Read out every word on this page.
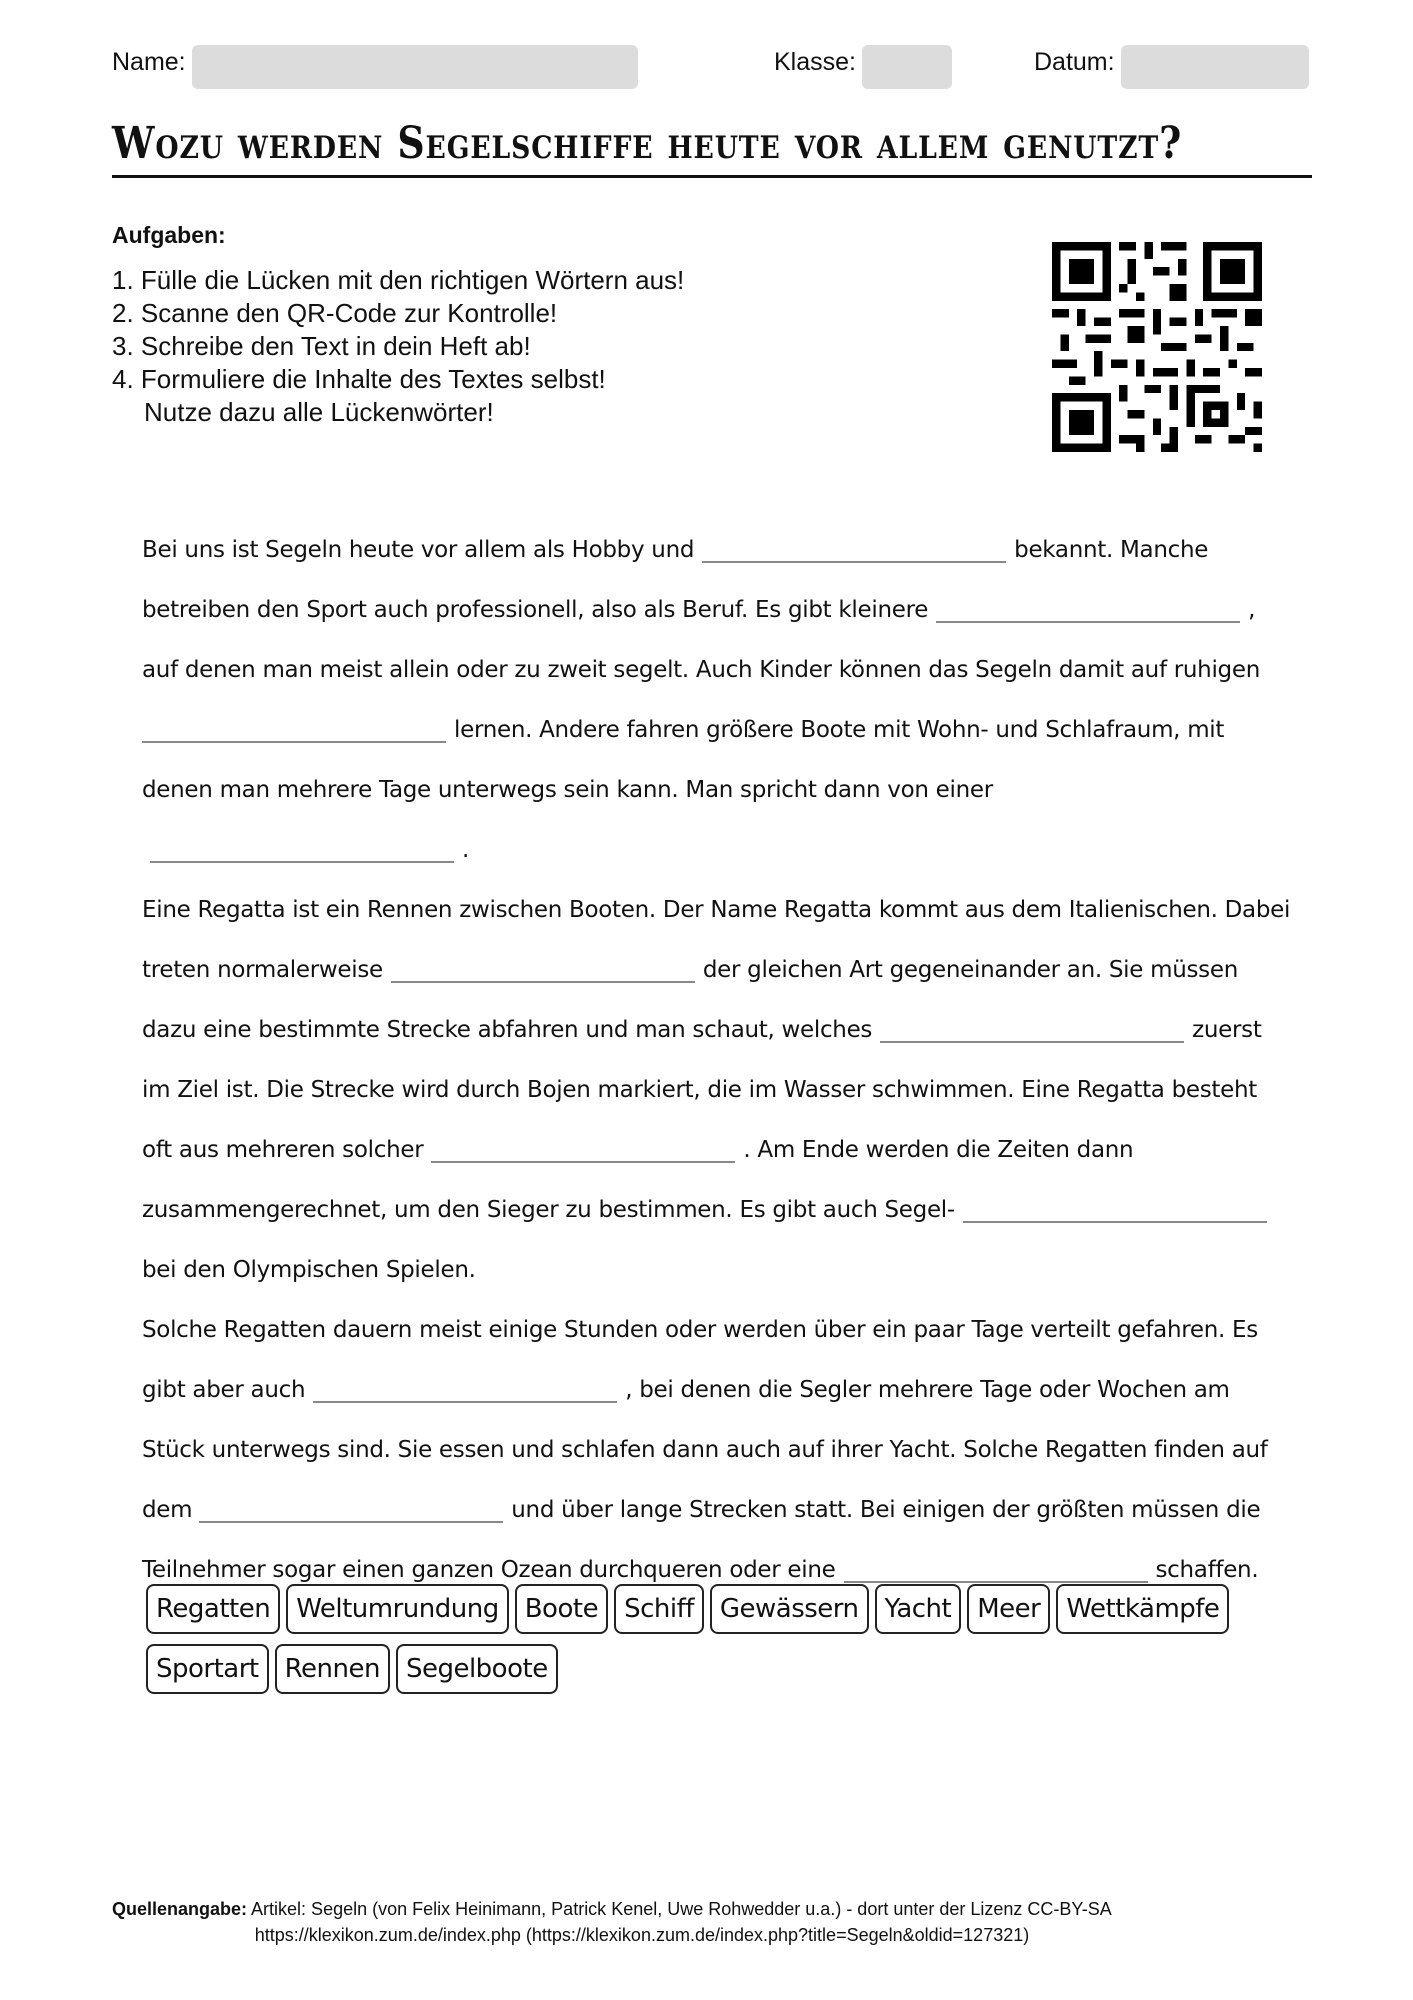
Name:	Klasse:	Datum:
Wozu werden Segelschiffe heute vor allem genutzt?
Aufgaben:
1. Fülle die Lücken mit den richtigen Wörtern aus!
2. Scanne den QR-Code zur Kontrolle!
3. Schreibe den Text in dein Heft ab!
4. Formuliere die Inhalte des Textes selbst!
Nutze dazu alle Lückenwörter!

Bei uns ist Segeln heute vor allem als Hobby und	bekannt. Manche betreiben den Sport auch professionell, also als Beruf. Es gibt kleinere	, auf denen man meist allein oder zu zweit segelt. Auch Kinder können das Segeln damit auf ruhigen lernen. Andere fahren größere Boote mit Wohn- und Schlafraum, mit denen man mehrere Tage unterwegs sein kann. Man spricht dann von einer.

Eine Regatta ist ein Rennen zwischen Booten. Der Name Regatta kommt aus dem Italienischen. Dabei treten normalerweise	der gleichen Art gegeneinander an. Sie müssen dazu eine bestimmte Strecke abfahren und man schaut, welches	zuerst im Ziel ist. Die Strecke wird durch Bojen markiert, die im Wasser schwimmen. Eine Regatta besteht oft aus mehreren solcher	. Am Ende werden die Zeiten dann zusammengerechnet, um den Sieger zu bestimmen. Es gibt auch Segel-bei den Olympischen Spielen.

Solche Regatten dauern meist einige Stunden oder werden über ein paar Tage verteilt gefahren. Es gibt aber auch	, bei denen die Segler mehrere Tage oder Wochen am Stück unterwegs sind. Sie essen und schlafen dann auch auf ihrer Yacht. Solche Regatten finden auf dem	und über lange Strecken statt. Bei einigen der größten müssen die Teilnehmer sogar einen ganzen Ozean durchqueren oder eine	schaffen.

Regatten Weltumrundung Boote Schiff Gewässern Yacht Meer Wettkämpfe
Sportart Rennen Segelboote
Quellenangabe: Artikel: Segeln (von Felix Heinimann, Patrick Kenel, Uwe Rohwedder u.a.) - dort unter der Lizenz CC-BY-SA
https://klexikon.zum.de/index.php (https://klexikon.zum.de/index.php?title=Segeln&oldid=127321)
